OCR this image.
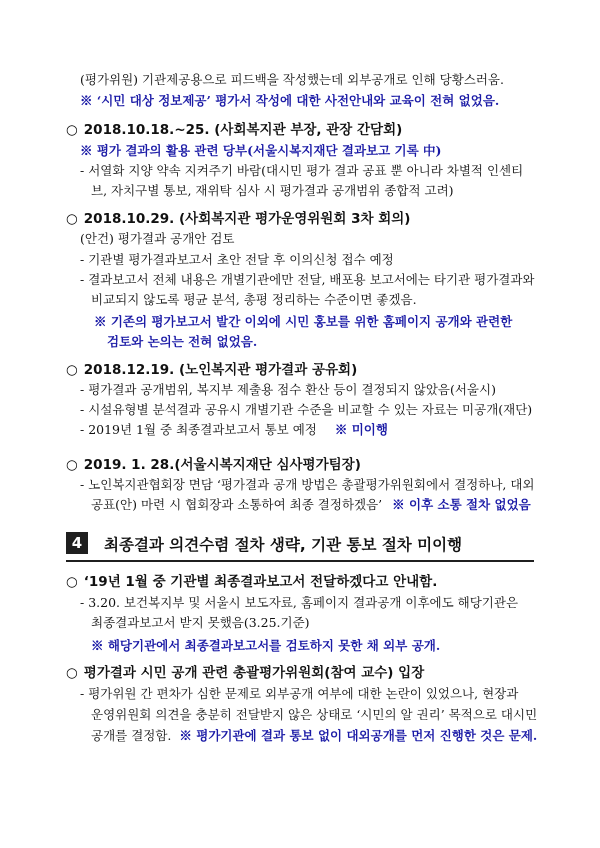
(평가위원) 기관제공용으로 피드백을 작성했는데 외부공개로 인해 당황스러움.
※ ‘시민 대상 정보제공’ 평가서 작성에 대한 사전안내와 교육이 전혀 없었음.
○ 2018.10.18.~25. (사회복지관 부장, 관장 간담회)
※ 평가 결과의 활용 관련 당부(서울시복지재단 결과보고 기록 中)
- 서열화 지양 약속 지켜주기 바람(대시민 평가 결과 공표 뿐 아니라 차별적 인센티
브, 자치구별 통보, 재위탁 심사 시 평가결과 공개범위 종합적 고려)
○ 2018.10.29. (사회복지관 평가운영위원회 3차 회의)
(안건) 평가결과 공개안 검토
- 기관별 평가결과보고서 초안 전달 후 이의신청 접수 예정
- 결과보고서 전체 내용은 개별기관에만 전달, 배포용 보고서에는 타기관 평가결과와
비교되지 않도록 평균 분석, 총평 정리하는 수준이면 좋겠음.
※ 기존의 평가보고서 발간 이외에 시민 홍보를 위한 홈페이지 공개와 관련한
검토와 논의는 전혀 없었음.
○ 2018.12.19. (노인복지관 평가결과 공유회)
- 평가결과 공개범위, 복지부 제출용 점수 환산 등이 결정되지 않았음(서울시)
- 시설유형별 분석결과 공유시 개별기관 수준을 비교할 수 있는 자료는 미공개(재단)
- 2019년 1월 중 최종결과보고서 통보 예정 ※ 미이행
○ 2019. 1. 28.(서울시복지재단 심사평가팀장)
- 노인복지관협회장 면담 ‘평가결과 공개 방법은 총괄평가위원회에서 결정하나, 대외
공표(안) 마련 시 협회장과 소통하여 최종 결정하겠음’ ※ 이후 소통 절차 없었음
4	최종결과 의견수렴 절차 생략, 기관 통보 절차 미이행
○ ‘19년 1월 중 기관별 최종결과보고서 전달하겠다고 안내함.
- 3.20. 보건복지부 및 서울시 보도자료, 홈페이지 결과공개 이후에도 해당기관은
최종결과보고서 받지 못했음(3.25.기준)
※ 해당기관에서 최종결과보고서를 검토하지 못한 채 외부 공개.
○ 평가결과 시민 공개 관련 총괄평가위원회(참여 교수) 입장
- 평가위원 간 편차가 심한 문제로 외부공개 여부에 대한 논란이 있었으나, 현장과
운영위원회 의견을 충분히 전달받지 않은 상태로 ‘시민의 알 권리’ 목적으로 대시민
공개를 결정함. ※ 평가기관에 결과 통보 없이 대외공개를 먼저 진행한 것은 문제.
